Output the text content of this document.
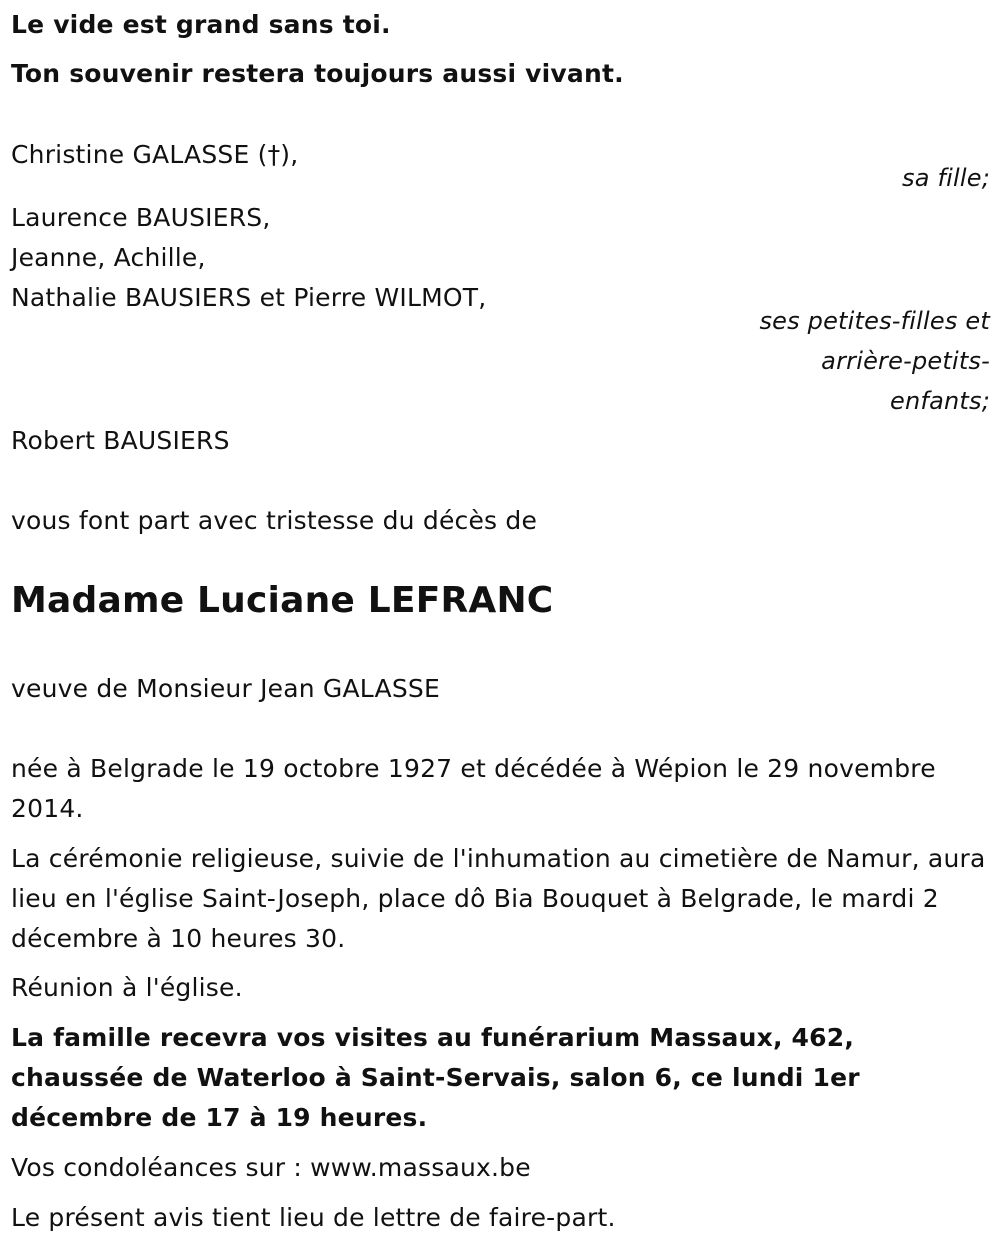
Le vide est grand sans toi.
Ton souvenir restera toujours aussi vivant.
Christine GALASSE (†),
sa fille;
Laurence BAUSIERS,
Jeanne, Achille,
Nathalie BAUSIERS et Pierre WILMOT,
ses petites-filles et
arrière-petits-
enfants;
Robert BAUSIERS
vous font part avec tristesse du décès de
Madame Luciane LEFRANC
veuve de Monsieur Jean GALASSE
née à Belgrade le 19 octobre 1927 et décédée à Wépion le 29 novembre 2014.
La cérémonie religieuse, suivie de l'inhumation au cimetière de Namur, aura lieu en l'église Saint-Joseph, place dô Bia Bouquet à Belgrade, le mardi 2 décembre à 10 heures 30.
Réunion à l'église.
La famille recevra vos visites au funérarium Massaux, 462, chaussée de Waterloo à Saint-Servais, salon 6, ce lundi 1er décembre de 17 à 19 heures.
Vos condoléances sur : www.massaux.be
Le présent avis tient lieu de lettre de faire-part.
